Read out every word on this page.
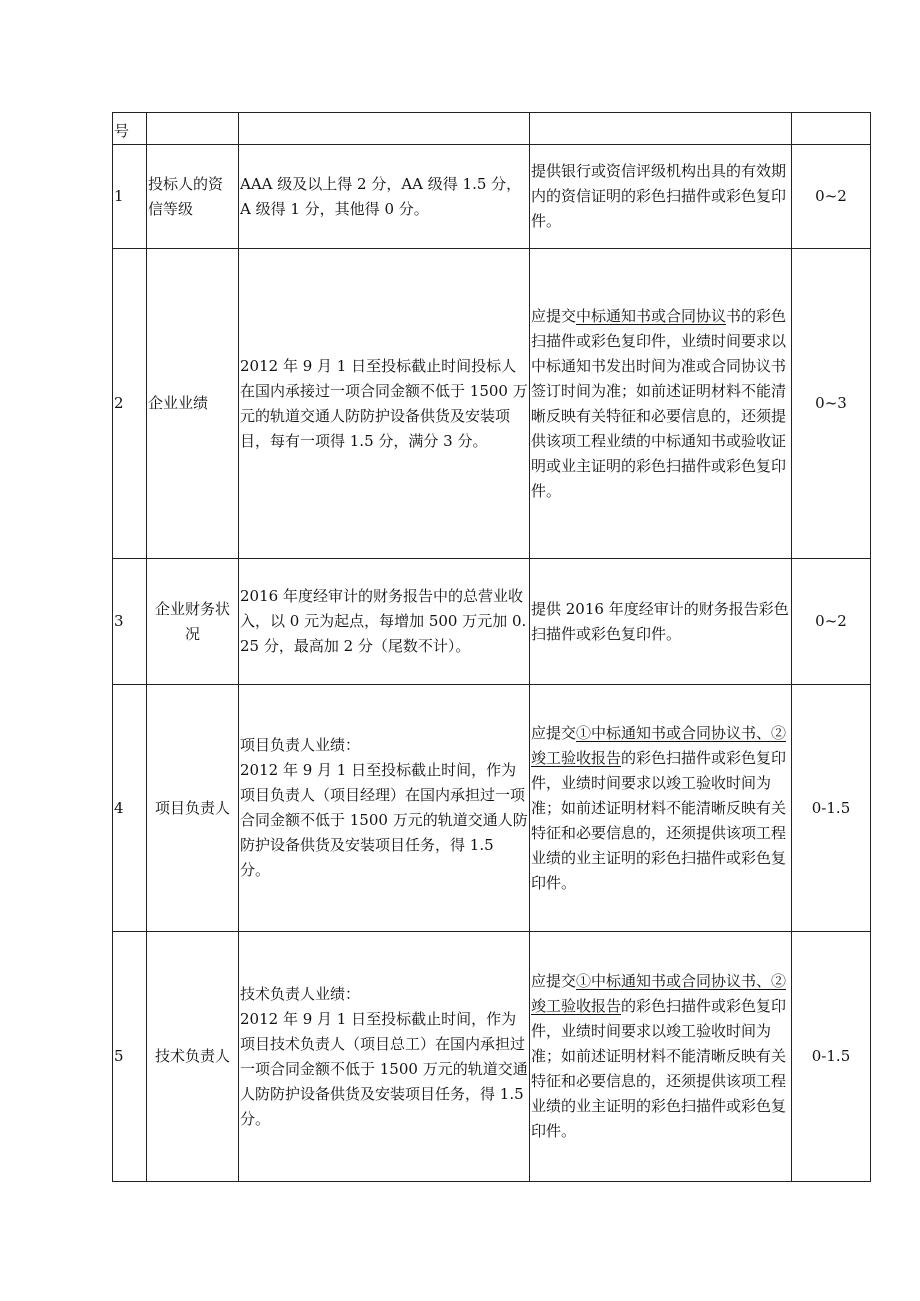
号				
1	投标人的资信等级	AAA 级及以上得 2 分，AA 级得 1.5 分，A 级得 1 分，其他得 0 分。	提供银行或资信评级机构出具的有效期内的资信证明的彩色扫描件或彩色复印件。	0~2
2	企业业绩	2012 年 9 月 1 日至投标截止时间投标人在国内承接过一项合同金额不低于 1500 万元的轨道交通人防防护设备供货及安装项目，每有一项得 1.5 分，满分 3 分。	应提交中标通知书或合同协议书的彩色扫描件或彩色复印件，业绩时间要求以中标通知书发出时间为准或合同协议书签订时间为准；如前述证明材料不能清晰反映有关特征和必要信息的，还须提供该项工程业绩的中标通知书或验收证明或业主证明的彩色扫描件或彩色复印件。	0~3
3	企业财务状况	2016 年度经审计的财务报告中的总营业收入，以 0 元为起点，每增加 500 万元加 0.25 分，最高加 2 分（尾数不计）。	提供 2016 年度经审计的财务报告彩色扫描件或彩色复印件。	0~2
4	项目负责人	项目负责人业绩：
2012 年 9 月 1 日至投标截止时间，作为项目负责人（项目经理）在国内承担过一项合同金额不低于 1500 万元的轨道交通人防防护设备供货及安装项目任务，得 1.5 分。	应提交①中标通知书或合同协议书、②竣工验收报告的彩色扫描件或彩色复印件，业绩时间要求以竣工验收时间为准；如前述证明材料不能清晰反映有关特征和必要信息的，还须提供该项工程业绩的业主证明的彩色扫描件或彩色复印件。	0-1.5
5	技术负责人	技术负责人业绩：
2012 年 9 月 1 日至投标截止时间，作为项目技术负责人（项目总工）在国内承担过一项合同金额不低于 1500 万元的轨道交通人防防护设备供货及安装项目任务，得 1.5 分。	应提交①中标通知书或合同协议书、②竣工验收报告的彩色扫描件或彩色复印件，业绩时间要求以竣工验收时间为准；如前述证明材料不能清晰反映有关特征和必要信息的，还须提供该项工程业绩的业主证明的彩色扫描件或彩色复印件。	0-1.5
